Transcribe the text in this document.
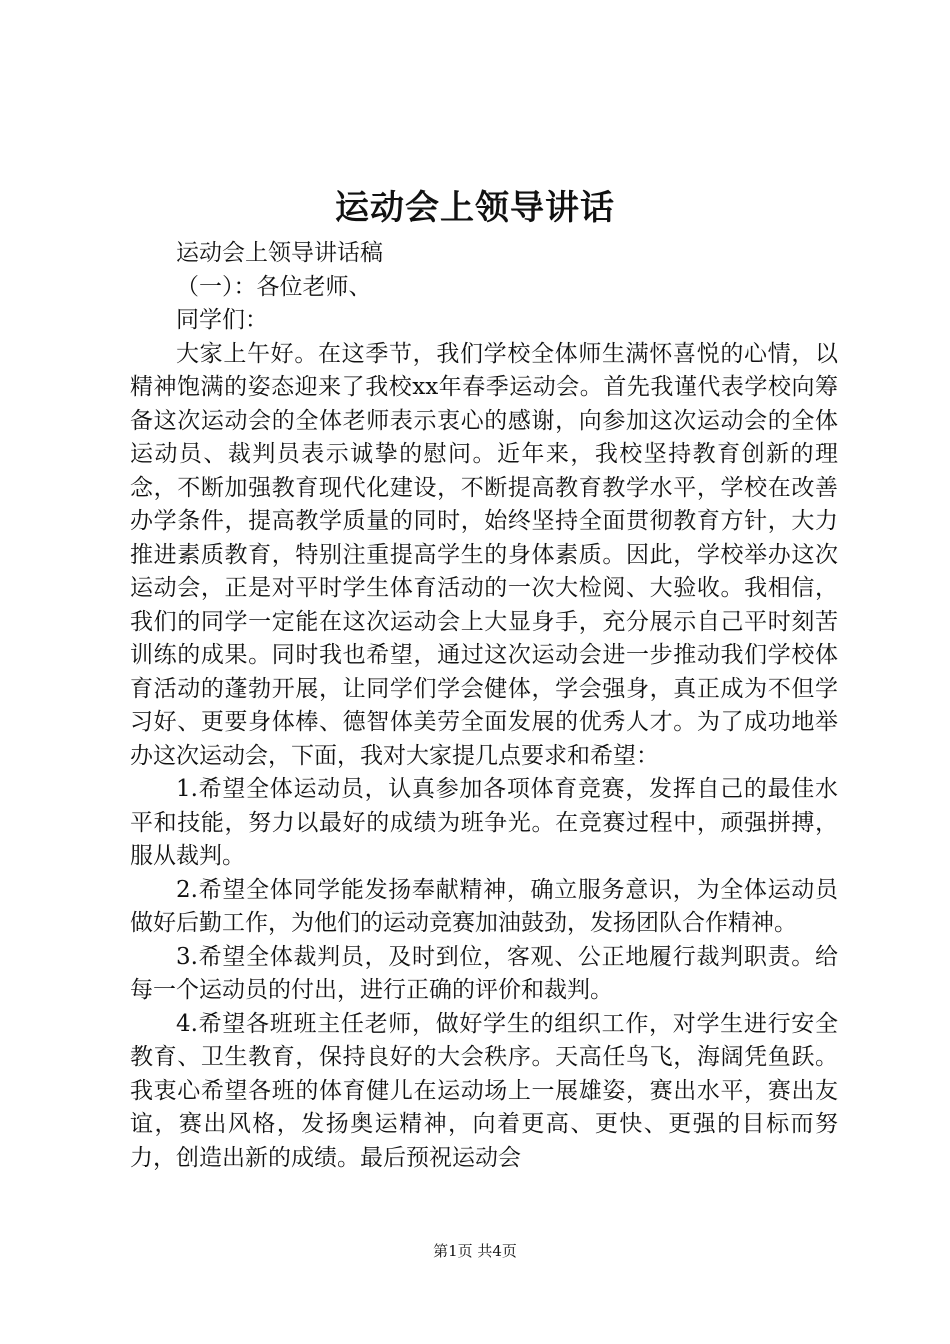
运动会上领导讲话

运动会上领导讲话稿

（一）：各位老师、

同学们：

大家上午好。在这季节，我们学校全体师生满怀喜悦的心情，以精神饱满的姿态迎来了我校xx年春季运动会。首先我谨代表学校向筹备这次运动会的全体老师表示衷心的感谢，向参加这次运动会的全体运动员、裁判员表示诚挚的慰问。近年来，我校坚持教育创新的理念，不断加强教育现代化建设，不断提高教育教学水平，学校在改善办学条件，提高教学质量的同时，始终坚持全面贯彻教育方针，大力推进素质教育，特别注重提高学生的身体素质。因此，学校举办这次运动会，正是对平时学生体育活动的一次大检阅、大验收。我相信，我们的同学一定能在这次运动会上大显身手，充分展示自己平时刻苦训练的成果。同时我也希望，通过这次运动会进一步推动我们学校体育活动的蓬勃开展，让同学们学会健体，学会强身，真正成为不但学习好、更要身体棒、德智体美劳全面发展的优秀人才。为了成功地举办这次运动会，下面，我对大家提几点要求和希望：

1.希望全体运动员，认真参加各项体育竞赛，发挥自己的最佳水平和技能，努力以最好的成绩为班争光。在竞赛过程中，顽强拼搏，服从裁判。

2.希望全体同学能发扬奉献精神，确立服务意识，为全体运动员做好后勤工作，为他们的运动竞赛加油鼓劲，发扬团队合作精神。

3.希望全体裁判员，及时到位，客观、公正地履行裁判职责。给每一个运动员的付出，进行正确的评价和裁判。

4.希望各班班主任老师，做好学生的组织工作，对学生进行安全教育、卫生教育，保持良好的大会秩序。天高任鸟飞，海阔凭鱼跃。我衷心希望各班的体育健儿在运动场上一展雄姿，赛出水平，赛出友谊，赛出风格，发扬奥运精神，向着更高、更快、更强的目标而努力，创造出新的成绩。最后预祝运动会

第1页 共4页
